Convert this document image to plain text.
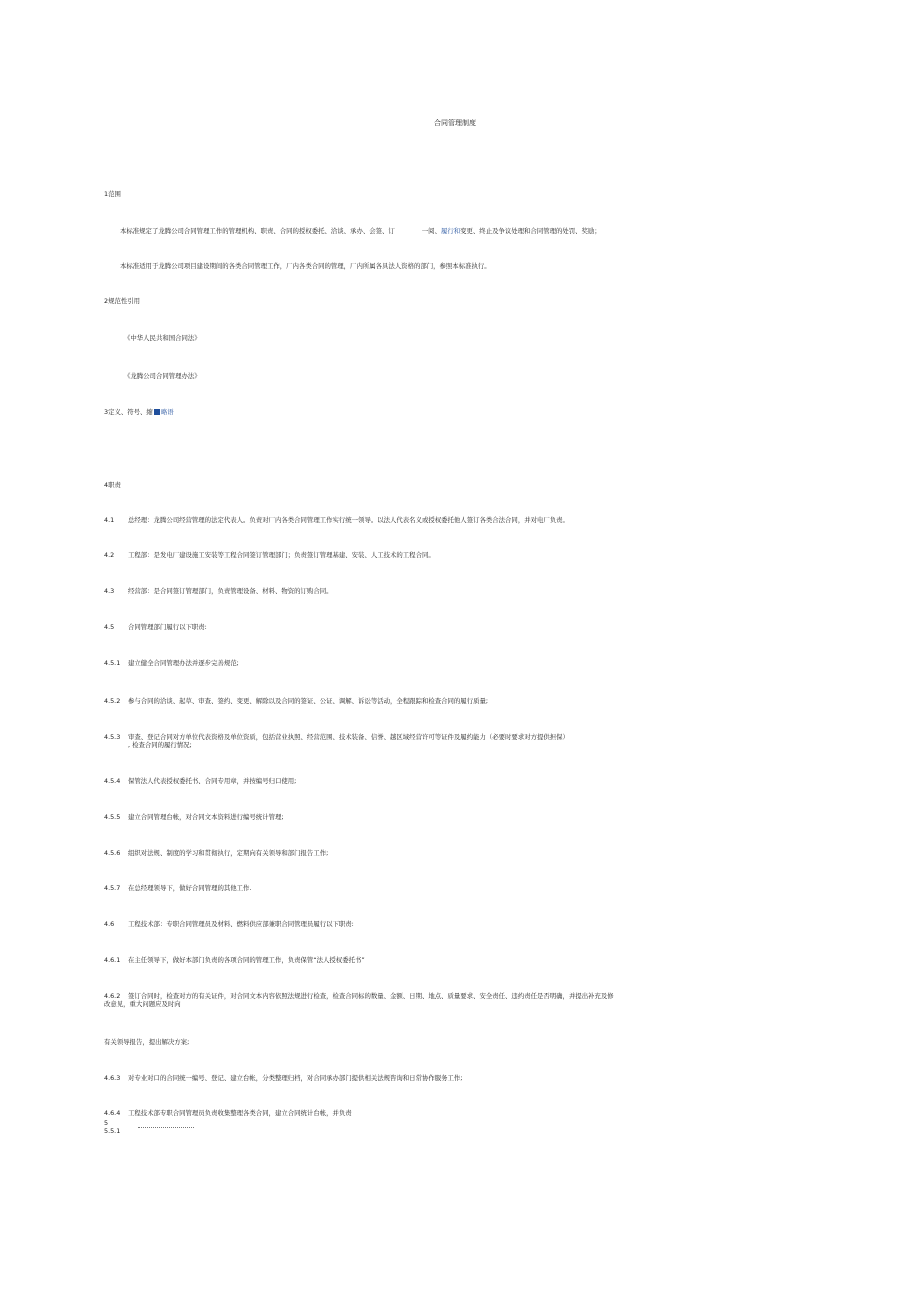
合同管理制度
1范围
本标准规定了龙腾公司合同管理工作的管理机构、职责、合同的授权委托、洽谈、承办、会签、订	一阅、履行和变更、终止及争议处理和合同管理的处罚、奖励；
本标准适用于龙腾公司项目建设期间的各类合同管理工作，厂内各类合同的管理，厂内所属各具法人资格的部门，参照本标准执行。
2规范性引用
《中华人民共和国合同法》
《龙腾公司合同管理办法》
3定义、符号、縮 略语
4职责
4.1 总经理：龙腾公司经营管理的法定代表人。负责对厂内各类合同管理工作实行统一领导。以法人代表名义或授权委托他人签订各类合法合同，并对电厂负责。
4.2 工程部：是发电厂建设施工安装等工程合同签订管理部门；负责签订管理基建、安装、人工技术的工程合同。
4.3 经营部：是合同签订管理部门，负责管理设备、材料、物资的订购合同。
4.5 合同管理部门履行以下职责:
4.5.1 建立健全合同管理办法并逐步完善规范;
4.5.2 参与合同的洽谈、起草、审查、签约、变更、解除以及合同的签证、公证、调解、诉讼等活动，全程跟踪和检查合同的履行质量;
4.5.3 审查、登记合同对方单位代表资格及单位资质，包括营业执照、经营范围、技术装备、信誉、越区域经营许可等证件及履约能力（必要时要求对方提供担保）
, 检查合同的履行情况;
4.5.4 保管法人代表授权委托书、合同专用章，并按编号归口使用;
4.5.5 建立合同管理台帐，对合同文本资料进行编号统计管理;
4.5.6 组织对法规、制度的学习和贯彻执行，定期向有关领导和部门报告工作;
4.5.7 在总经理领导下，做好合同管理的其他工作.
4.6 工程技术部：专职合同管理员及材料、燃料供应部兼职合同管理员履行以下职责:
4.6.1 在主任领导下，做好本部门负责的各项合同的管理工作，负责保管“法人授权委托书”
4.6.2 签订合同时，检查对方的有关证件，对合同文本内容依照法规进行检查，检查合同标的数量、金额、日期、地点、质量要求、安全责任、违约责任是否明确，并提出补充及修
改意见，重大问题应及时向
有关领导报告，提出解决方案;
4.6.3 对专业对口的合同统一编号、登记、建立台帐，分类整理归档，对合同承办部门提供相关法规咨询和日常协作服务工作;
4.6.4 工程技术部专职合同管理员负责收集整理各类合同，建立合同统计台帐，并负责
5
5.5.1
